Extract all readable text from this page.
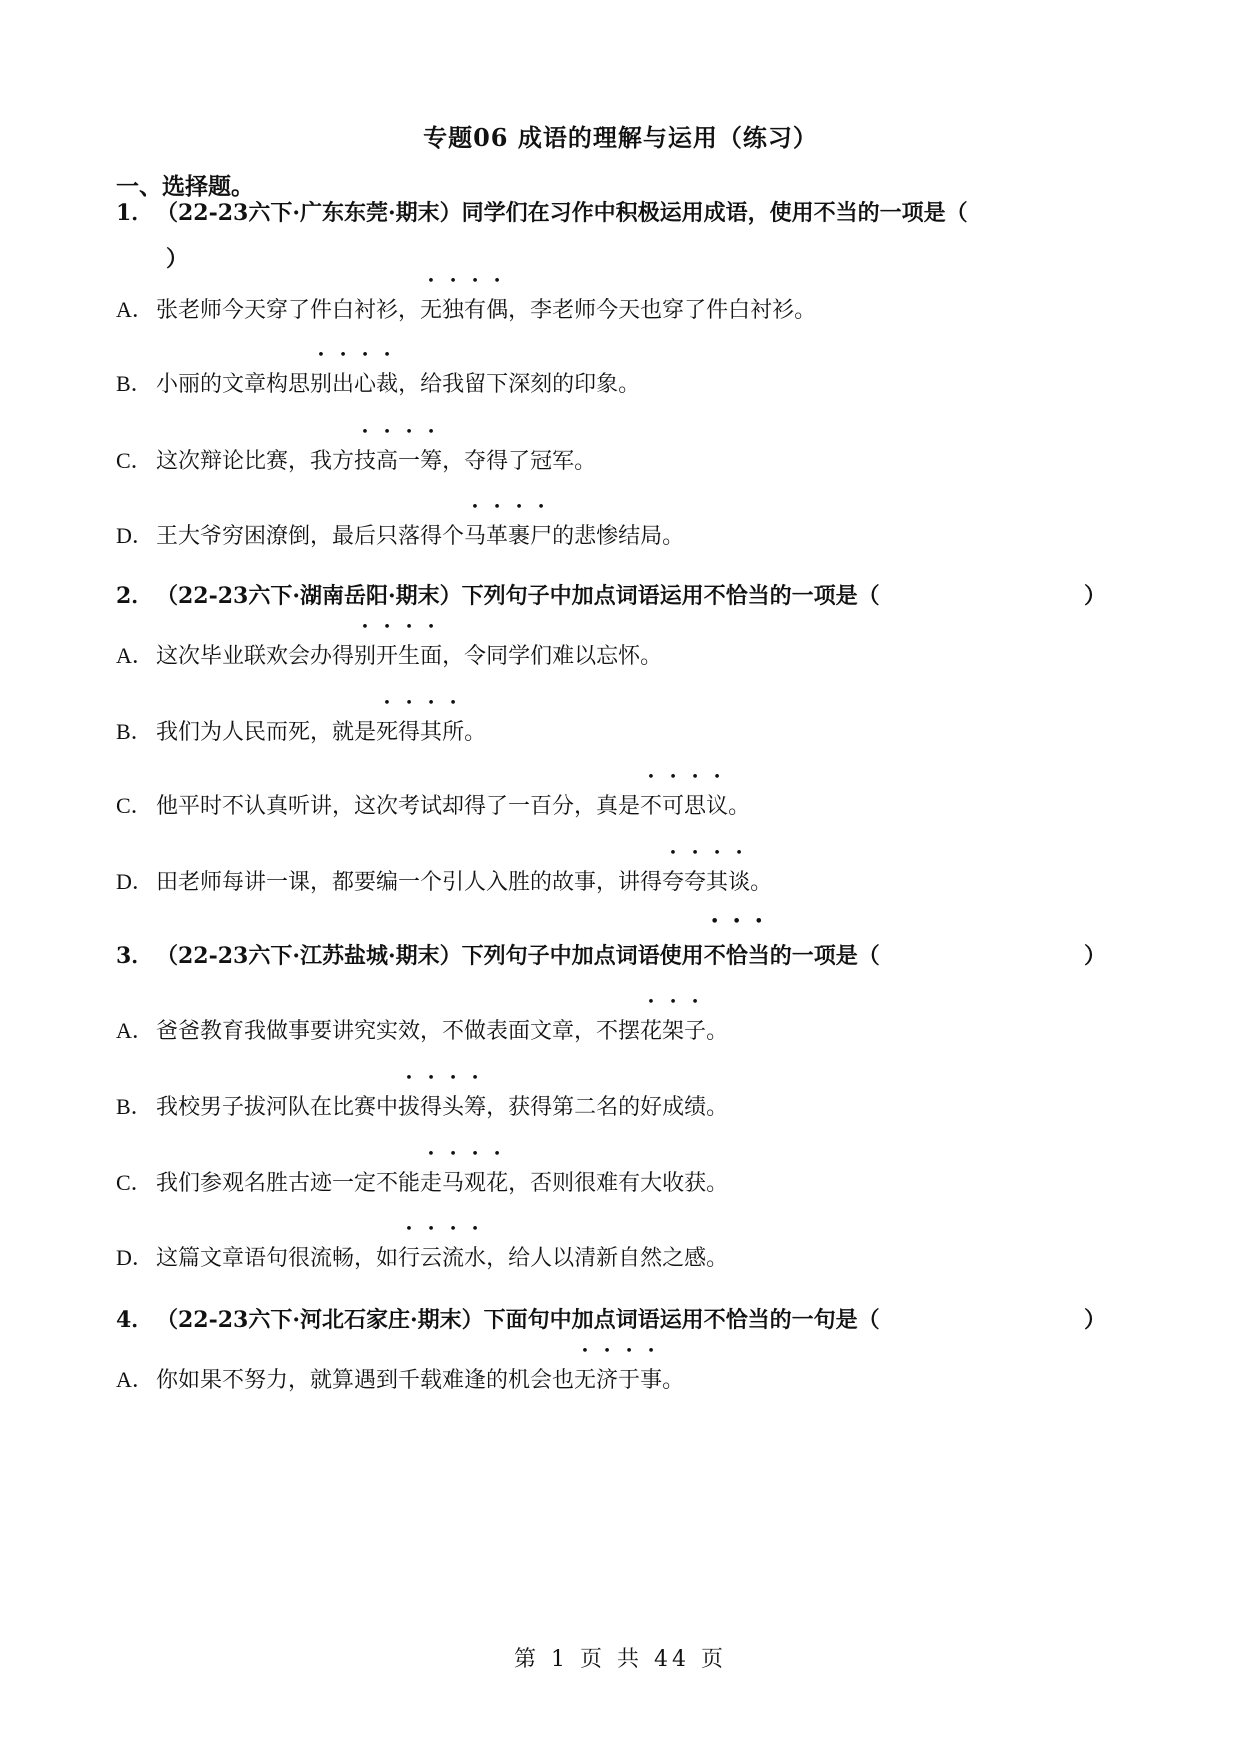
专题06 成语的理解与运用（练习）
一、选择题。
1． （22-23六下·广东东莞·期末）同学们在习作中积极运用成语，使用不当的一项是（
）
A．张老师今天穿了件白衬衫，无独有偶，李老师今天也穿了件白衬衫。
B． 小丽的文章构思别出心裁，给我留下深刻的印象。
C． 这次辩论比赛，我方技高一筹，夺得了冠军。
D．王大爷穷困潦倒，最后只落得个马革裹尸的悲惨结局。
2． （22-23六下·湖南岳阳·期末）下列句子中加点词语运用不恰当的一项是（	）
A．这次毕业联欢会办得别开生面，令同学们难以忘怀。
B． 我们为人民而死，就是死得其所。
C． 他平时不认真听讲，这次考试却得了一百分，真是不可思议。
D．田老师每讲一课，都要编一个引人入胜的故事，讲得夸夸其谈。
3． （22-23六下·江苏盐城·期末）下列句子中加点词语使用不恰当的一项是（	）
A．爸爸教育我做事要讲究实效，不做表面文章，不摆花架子。
B． 我校男子拔河队在比赛中拔得头筹，获得第二名的好成绩。
C． 我们参观名胜古迹一定不能走马观花，否则很难有大收获。
D．这篇文章语句很流畅，如行云流水，给人以清新自然之感。
4． （22-23六下·河北石家庄·期末）下面句中加点词语运用不恰当的一句是（	）
A．你如果不努力，就算遇到千载难逢的机会也无济于事。
第 1 页 共 44 页
